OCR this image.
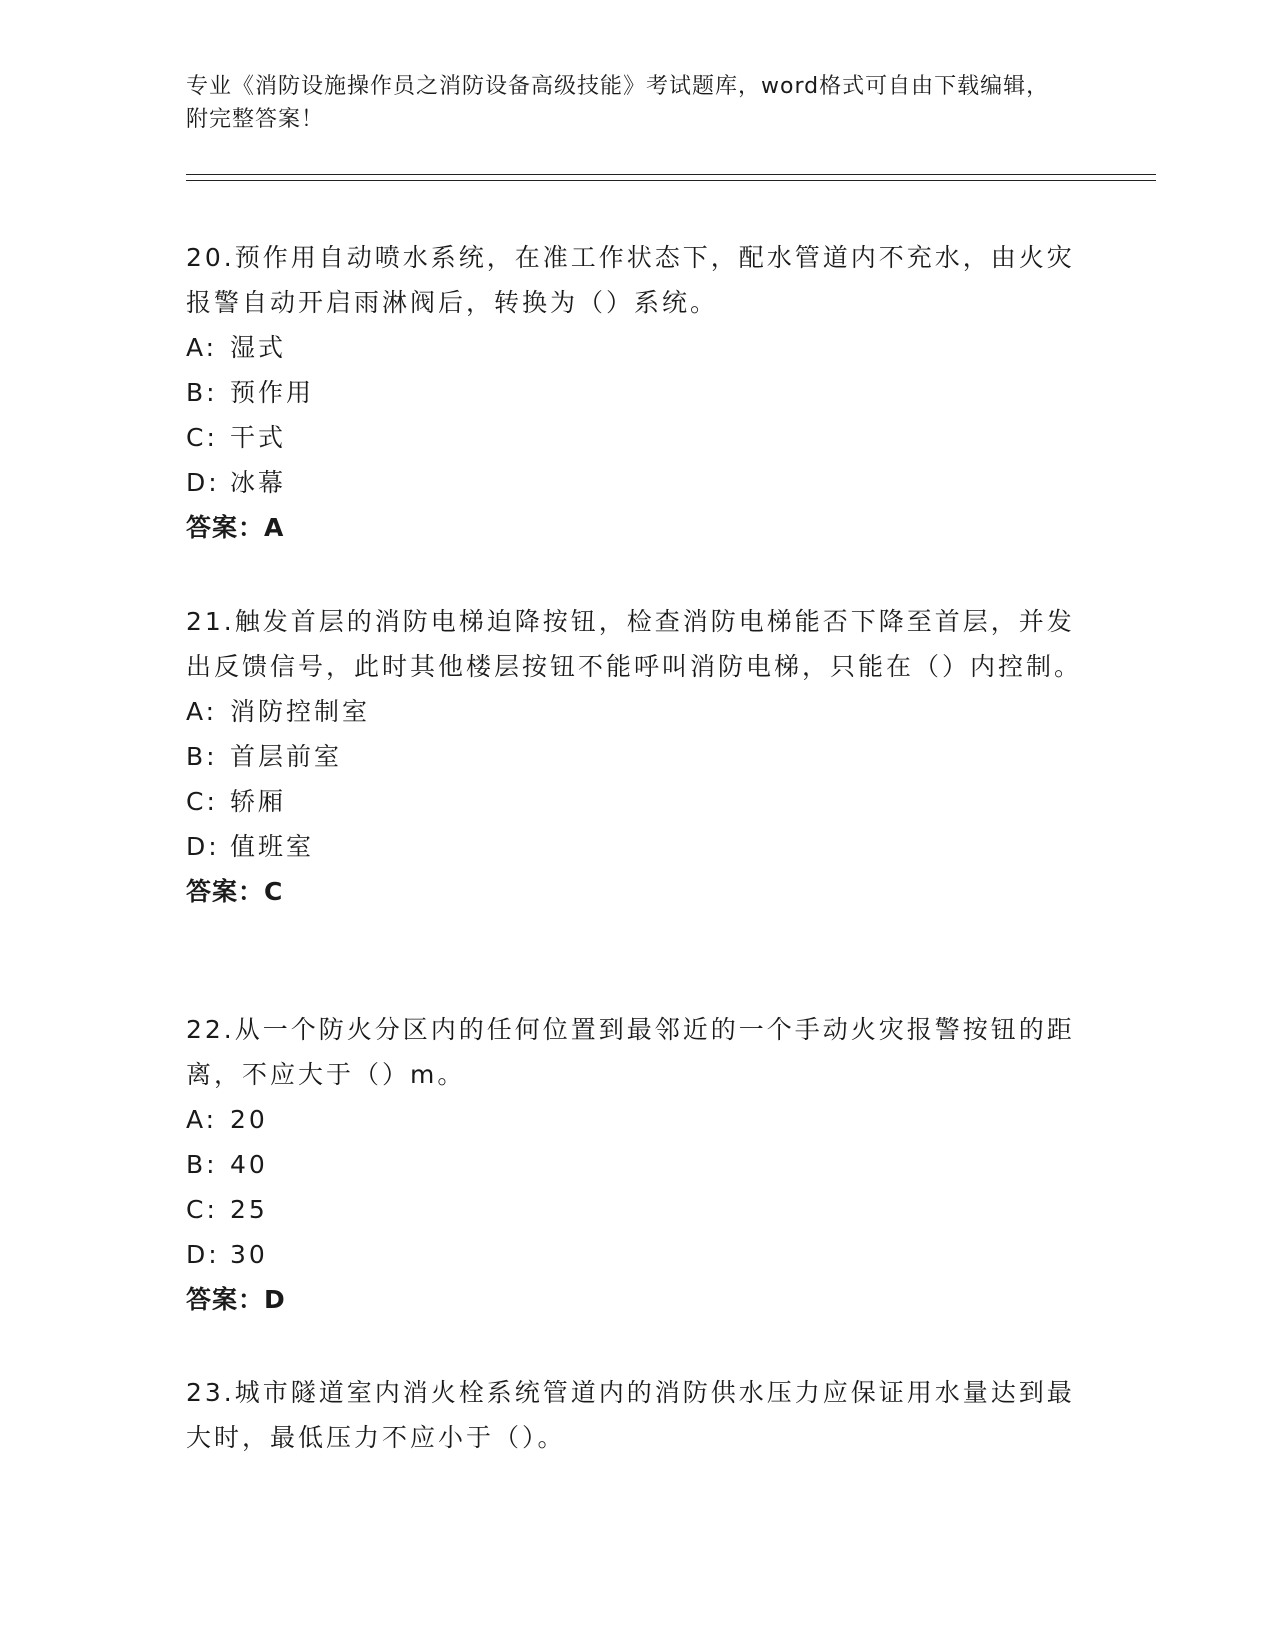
专业《消防设施操作员之消防设备高级技能》考试题库，word格式可自由下载编辑，附完整答案！

20.预作用自动喷水系统，在准工作状态下，配水管道内不充水，由火灾报警自动开启雨淋阀后，转换为（）系统。

A: 湿式
B: 预作用
C: 干式
D: 冰幕
答案：A

21.触发首层的消防电梯迫降按钮，检查消防电梯能否下降至首层，并发出反馈信号，此时其他楼层按钮不能呼叫消防电梯，只能在（）内控制。

A: 消防控制室
B: 首层前室
C: 轿厢
D: 值班室
答案：C

22.从一个防火分区内的任何位置到最邻近的一个手动火灾报警按钮的距离，不应大于（）m。

A: 20
B: 40
C: 25
D: 30
答案：D

23.城市隧道室内消火栓系统管道内的消防供水压力应保证用水量达到最大时，最低压力不应小于（）。
